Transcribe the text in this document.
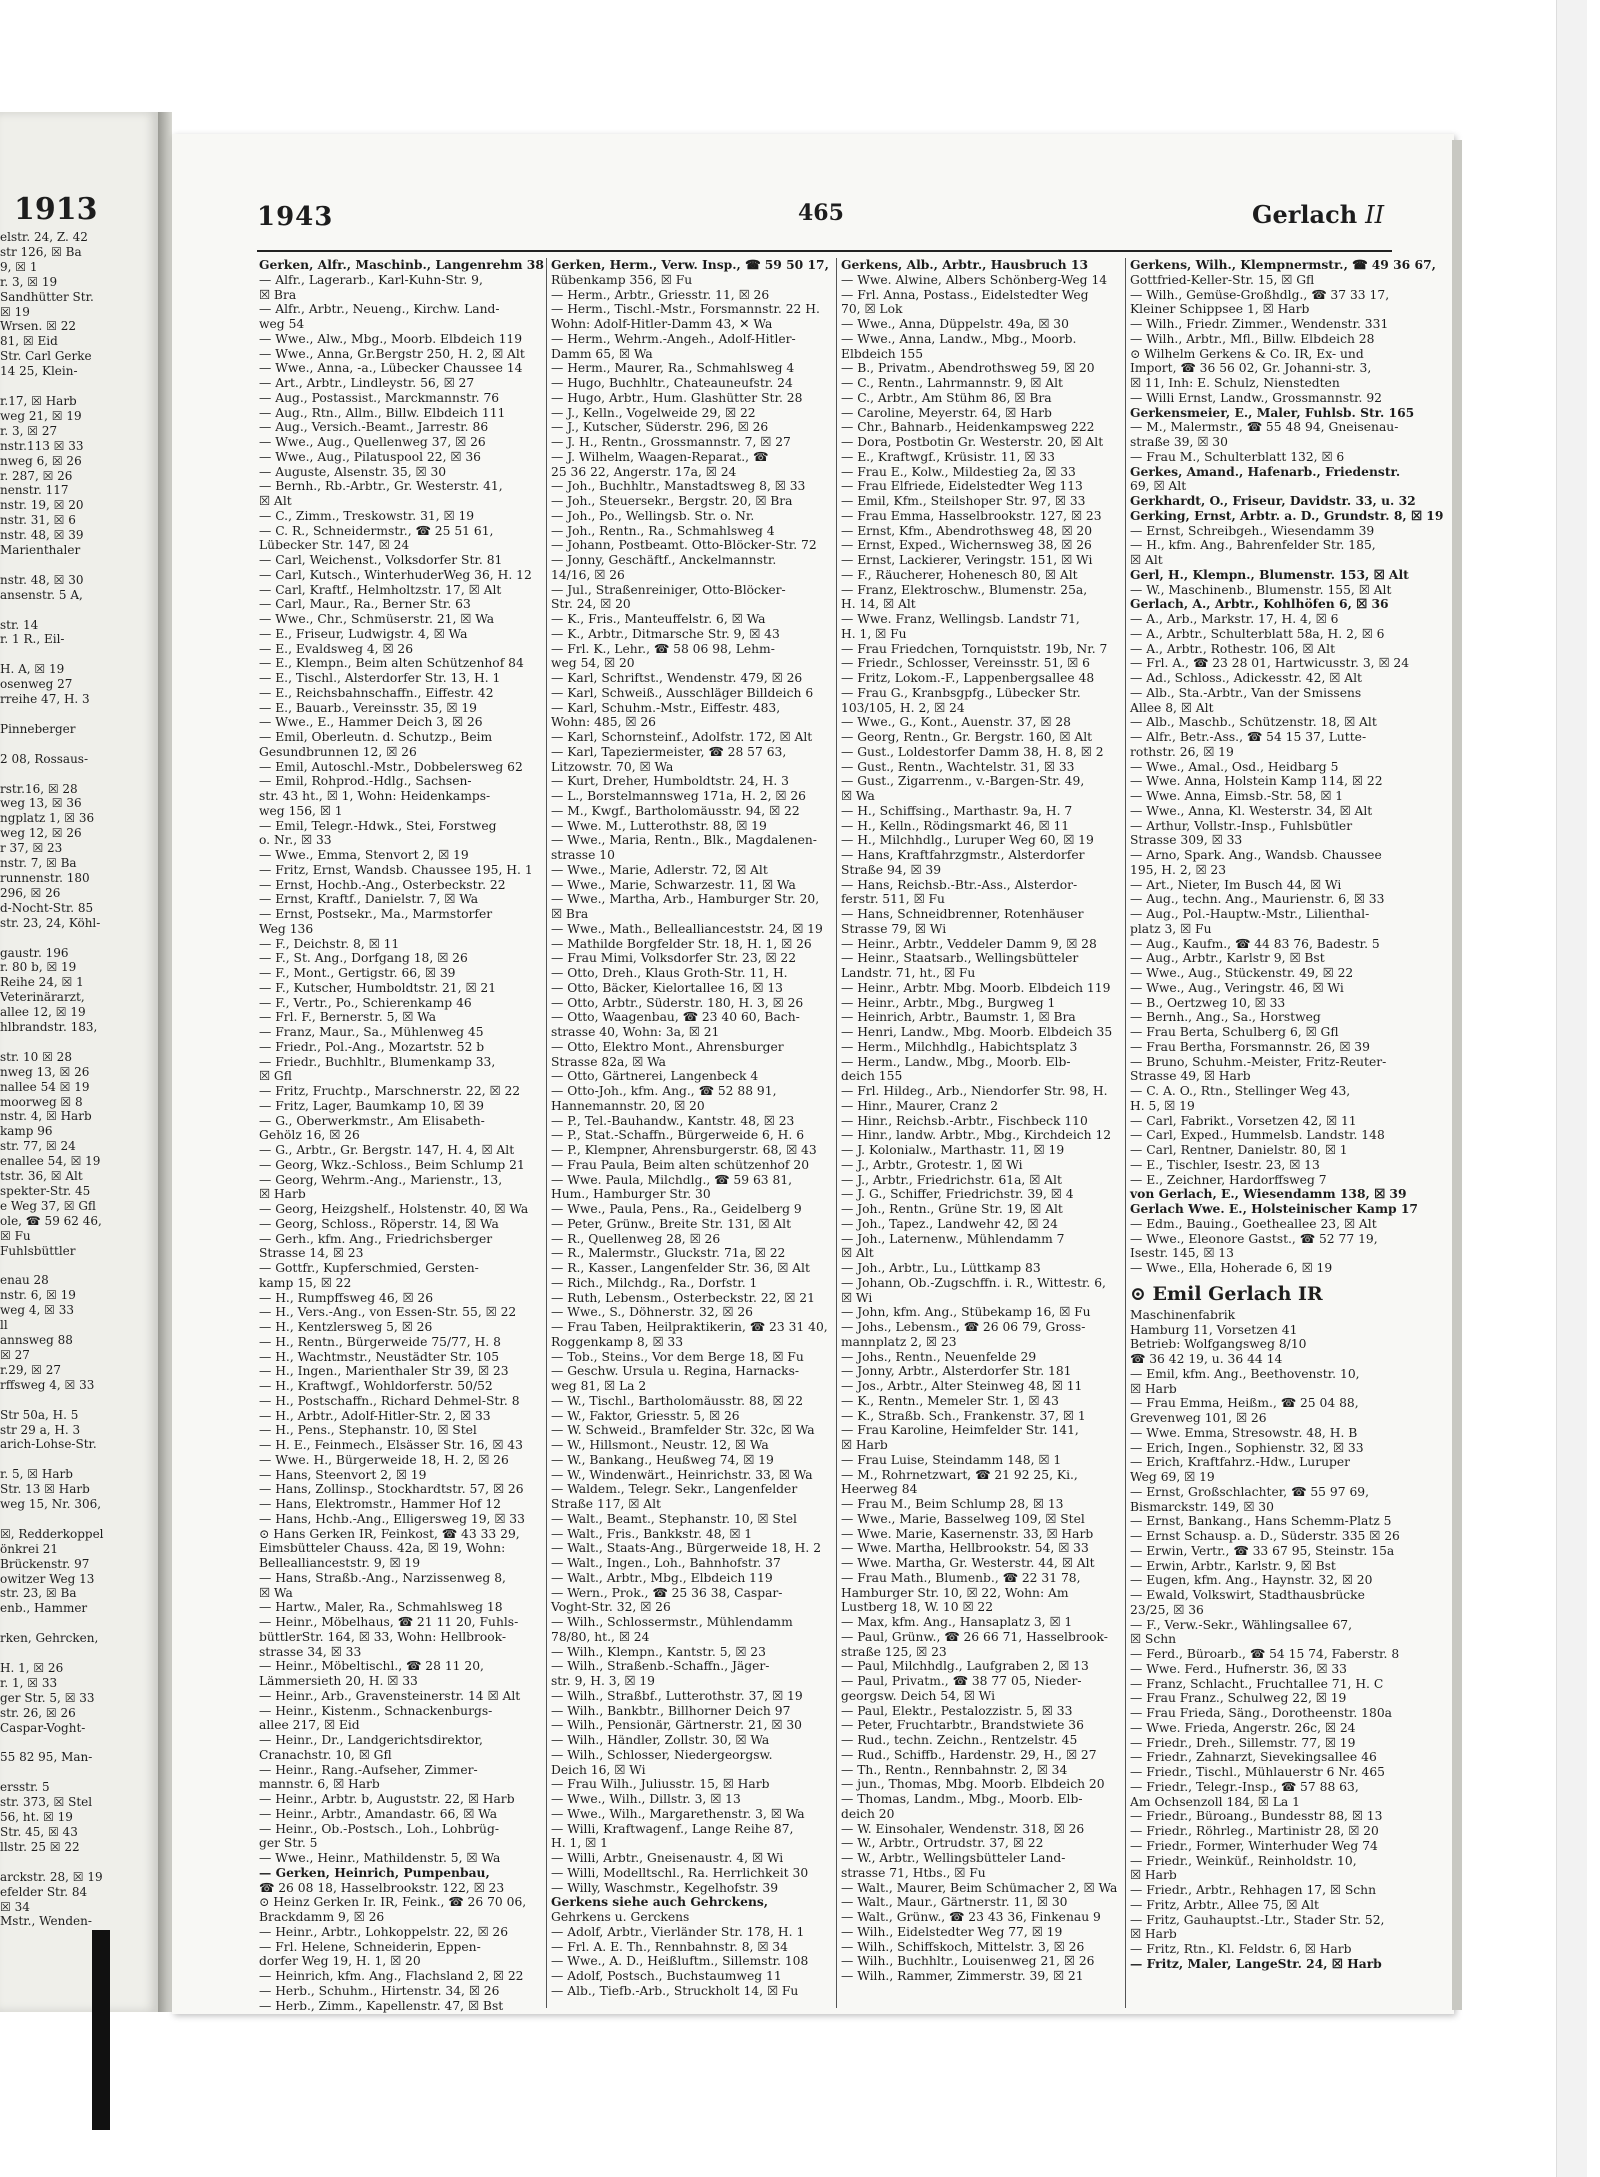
1913
elstr. 24, Z. 42
str 126, ☒ Ba
9, ☒ 1
r. 3, ☒ 19
Sandhütter Str.
☒ 19
Wrsen. ☒ 22
81, ☒ Eid
Str. Carl Gerke
14 25, Klein-

r.17, ☒ Harb
weg 21, ☒ 19
r. 3, ☒ 27
nstr.113 ☒ 33
nweg 6, ☒ 26
r. 287, ☒ 26
nenstr. 117
nstr. 19, ☒ 20
nstr. 31, ☒ 6
nstr. 48, ☒ 39
Marienthaler

nstr. 48, ☒ 30
ansenstr. 5 A,

str. 14
r. 1 R., Eil-

H. A, ☒ 19
osenweg 27
rreihe 47, H. 3

Pinneberger

2 08, Rossaus-

rstr.16, ☒ 28
weg 13, ☒ 36
ngplatz 1, ☒ 36
weg 12, ☒ 26
r 37, ☒ 23
nstr. 7, ☒ Ba
runnenstr. 180
296, ☒ 26
d-Nocht-Str. 85
str. 23, 24, Köhl-

gaustr. 196
r. 80 b, ☒ 19
Reihe 24, ☒ 1
Veterinärarzt,
allee 12, ☒ 19
hlbrandstr. 183,

str. 10 ☒ 28
nweg 13, ☒ 26
nallee 54 ☒ 19
moorweg ☒ 8
nstr. 4, ☒ Harb
kamp 96
str. 77, ☒ 24
enallee 54, ☒ 19
tstr. 36, ☒ Alt
spekter-Str. 45
e Weg 37, ☒ Gfl
ole, ☎ 59 62 46,
☒ Fu
Fuhlsbüttler

enau 28
nstr. 6, ☒ 19
weg 4, ☒ 33
ll
annsweg 88
☒ 27
r.29, ☒ 27
rffsweg 4, ☒ 33

Str 50a, H. 5
str 29 a, H. 3
arich-Lohse-Str.

r. 5, ☒ Harb
Str. 13 ☒ Harb
weg 15, Nr. 306,

☒, Redderkoppel
önkrei 21
Brückenstr. 97
owitzer Weg 13
str. 23, ☒ Ba
enb., Hammer

rken, Gehrcken,

H. 1, ☒ 26
r. 1, ☒ 33
ger Str. 5, ☒ 33
str. 26, ☒ 26
Caspar-Voght-

55 82 95, Man-

ersstr. 5
str. 373, ☒ Stel
56, ht. ☒ 19
Str. 45, ☒ 43
llstr. 25 ☒ 22

arckstr. 28, ☒ 19
efelder Str. 84
☒ 34
Mstr., Wenden-
1943	465	Gerlach II
Gerken, Alfr., Maschinb., Langenrehm 38
— Alfr., Lagerarb., Karl-Kuhn-Str. 9,
☒ Bra
— Alfr., Arbtr., Neueng., Kirchw. Land-
weg 54
— Wwe., Alw., Mbg., Moorb. Elbdeich 119
— Wwe., Anna, Gr.Bergstr 250, H. 2, ☒ Alt
— Wwe., Anna, -a., Lübecker Chaussee 14
— Art., Arbtr., Lindleystr. 56, ☒ 27
— Aug., Postassist., Marckmannstr. 76
— Aug., Rtn., Allm., Billw. Elbdeich 111
— Aug., Versich.-Beamt., Jarrestr. 86
— Wwe., Aug., Quellenweg 37, ☒ 26
— Wwe., Aug., Pilatuspool 22, ☒ 36
— Auguste, Alsenstr. 35, ☒ 30
— Bernh., Rb.-Arbtr., Gr. Westerstr. 41,
☒ Alt
— C., Zimm., Treskowstr. 31, ☒ 19
— C. R., Schneidermstr., ☎ 25 51 61,
Lübecker Str. 147, ☒ 24
— Carl, Weichenst., Volksdorfer Str. 81
— Carl, Kutsch., WinterhuderWeg 36, H. 12
— Carl, Kraftf., Helmholtzstr. 17, ☒ Alt
— Carl, Maur., Ra., Berner Str. 63
— Wwe., Chr., Schmüserstr. 21, ☒ Wa
— E., Friseur, Ludwigstr. 4, ☒ Wa
— E., Evaldsweg 4, ☒ 26
— E., Klempn., Beim alten Schützenhof 84
— E., Tischl., Alsterdorfer Str. 13, H. 1
— E., Reichsbahnschaffn., Eiffestr. 42
— E., Bauarb., Vereinsstr. 35, ☒ 19
— Wwe., E., Hammer Deich 3, ☒ 26
— Emil, Oberleutn. d. Schutzp., Beim
Gesundbrunnen 12, ☒ 26
— Emil, Autoschl.-Mstr., Dobbelersweg 62
— Emil, Rohprod.-Hdlg., Sachsen-
str. 43 ht., ☒ 1, Wohn: Heidenkamps-
weg 156, ☒ 1
— Emil, Telegr.-Hdwk., Stei, Forstweg
o. Nr., ☒ 33
— Wwe., Emma, Stenvort 2, ☒ 19
— Fritz, Ernst, Wandsb. Chaussee 195, H. 1
— Ernst, Hochb.-Ang., Osterbeckstr. 22
— Ernst, Kraftf., Danielstr. 7, ☒ Wa
— Ernst, Postsekr., Ma., Marmstorfer
Weg 136
— F., Deichstr. 8, ☒ 11
— F., St. Ang., Dorfgang 18, ☒ 26
— F., Mont., Gertigstr. 66, ☒ 39
— F., Kutscher, Humboldtstr. 21, ☒ 21
— F., Vertr., Po., Schierenkamp 46
— Frl. F., Bernerstr. 5, ☒ Wa
— Franz, Maur., Sa., Mühlenweg 45
— Friedr., Pol.-Ang., Mozartstr. 52 b
— Friedr., Buchhltr., Blumenkamp 33,
☒ Gfl
— Fritz, Fruchtp., Marschnerstr. 22, ☒ 22
— Fritz, Lager, Baumkamp 10, ☒ 39
— G., Oberwerkmstr., Am Elisabeth-
Gehölz 16, ☒ 26
— G., Arbtr., Gr. Bergstr. 147, H. 4, ☒ Alt
— Georg, Wkz.-Schloss., Beim Schlump 21
— Georg, Wehrm.-Ang., Marienstr., 13,
☒ Harb
— Georg, Heizgshelf., Holstenstr. 40, ☒ Wa
— Georg, Schloss., Röperstr. 14, ☒ Wa
— Gerh., kfm. Ang., Friedrichsberger
Strasse 14, ☒ 23
— Gottfr., Kupferschmied, Gersten-
kamp 15, ☒ 22
— H., Rumpffsweg 46, ☒ 26
— H., Vers.-Ang., von Essen-Str. 55, ☒ 22
— H., Kentzlersweg 5, ☒ 26
— H., Rentn., Bürgerweide 75/77, H. 8
— H., Wachtmstr., Neustädter Str. 105
— H., Ingen., Marienthaler Str 39, ☒ 23
— H., Kraftwgf., Wohldorferstr. 50/52
— H., Postschaffn., Richard Dehmel-Str. 8
— H., Arbtr., Adolf-Hitler-Str. 2, ☒ 33
— H., Pens., Stephanstr. 10, ☒ Stel
— H. E., Feinmech., Elsässer Str. 16, ☒ 43
— Wwe. H., Bürgerweide 18, H. 2, ☒ 26
— Hans, Steenvort 2, ☒ 19
— Hans, Zollinsp., Stockhardtstr. 57, ☒ 26
— Hans, Elektromstr., Hammer Hof 12
— Hans, Hchb.-Ang., Elligersweg 19, ☒ 33
⊙ Hans Gerken IR, Feinkost, ☎ 43 33 29,
Eimsbütteler Chauss. 42a, ☒ 19, Wohn:
Belleallianceststr. 9, ☒ 19
— Hans, Straßb.-Ang., Narzissenweg 8,
☒ Wa
— Hartw., Maler, Ra., Schmahlsweg 18
— Heinr., Möbelhaus, ☎ 21 11 20, Fuhls-
büttlerStr. 164, ☒ 33, Wohn: Hellbrook-
strasse 34, ☒ 33
— Heinr., Möbeltischl., ☎ 28 11 20,
Lämmersieth 20, H. ☒ 33
— Heinr., Arb., Gravensteinerstr. 14 ☒ Alt
— Heinr., Kistenm., Schnackenburgs-
allee 217, ☒ Eid
— Heinr., Dr., Landgerichtsdirektor,
Cranachstr. 10, ☒ Gfl
— Heinr., Rang.-Aufseher, Zimmer-
mannstr. 6, ☒ Harb
— Heinr., Arbtr. b, Auguststr. 22, ☒ Harb
— Heinr., Arbtr., Amandastr. 66, ☒ Wa
— Heinr., Ob.-Postsch., Loh., Lohbrüg-
ger Str. 5
— Wwe., Heinr., Mathildenstr. 5, ☒ Wa
— Gerken, Heinrich, Pumpenbau,
☎ 26 08 18, Hasselbrookstr. 122, ☒ 23
⊙ Heinz Gerken Ir. IR, Feink., ☎ 26 70 06,
Brackdamm 9, ☒ 26
— Heinr., Arbtr., Lohkoppelstr. 22, ☒ 26
— Frl. Helene, Schneiderin, Eppen-
dorfer Weg 19, H. 1, ☒ 20
— Heinrich, kfm. Ang., Flachsland 2, ☒ 22
— Herb., Schuhm., Hirtenstr. 34, ☒ 26
— Herb., Zimm., Kapellenstr. 47, ☒ Bst
Gerken, Herm., Verw. Insp., ☎ 59 50 17,
Rübenkamp 356, ☒ Fu
— Herm., Arbtr., Griesstr. 11, ☒ 26
— Herm., Tischl.-Mstr., Forsmannstr. 22 H.
Wohn: Adolf-Hitler-Damm 43, ✕ Wa
— Herm., Wehrm.-Angeh., Adolf-Hitler-
Damm 65, ☒ Wa
— Herm., Maurer, Ra., Schmahlsweg 4
— Hugo, Buchhltr., Chateauneufstr. 24
— Hugo, Arbtr., Hum. Glashütter Str. 28
— J., Kelln., Vogelweide 29, ☒ 22
— J., Kutscher, Süderstr. 296, ☒ 26
— J. H., Rentn., Grossmannstr. 7, ☒ 27
— J. Wilhelm, Waagen-Reparat., ☎
25 36 22, Angerstr. 17a, ☒ 24
— Joh., Buchhltr., Manstadtsweg 8, ☒ 33
— Joh., Steuersekr., Bergstr. 20, ☒ Bra
— Joh., Po., Wellingsb. Str. o. Nr.
— Joh., Rentn., Ra., Schmahlsweg 4
— Johann, Postbeamt. Otto-Blöcker-Str. 72
— Jonny, Geschäftf., Anckelmannstr.
14/16, ☒ 26
— Jul., Straßenreiniger, Otto-Blöcker-
Str. 24, ☒ 20
— K., Fris., Manteuffelstr. 6, ☒ Wa
— K., Arbtr., Ditmarsche Str. 9, ☒ 43
— Frl. K., Lehr., ☎ 58 06 98, Lehm-
weg 54, ☒ 20
— Karl, Schriftst., Wendenstr. 479, ☒ 26
— Karl, Schweiß., Ausschläger Billdeich 6
— Karl, Schuhm.-Mstr., Eiffestr. 483,
Wohn: 485, ☒ 26
— Karl, Schornsteinf., Adolfstr. 172, ☒ Alt
— Karl, Tapeziermeister, ☎ 28 57 63,
Litzowstr. 70, ☒ Wa
— Kurt, Dreher, Humboldtstr. 24, H. 3
— L., Borstelmannsweg 171a, H. 2, ☒ 26
— M., Kwgf., Bartholomäusstr. 94, ☒ 22
— Wwe. M., Lutterothstr. 88, ☒ 19
— Wwe., Maria, Rentn., Blk., Magdalenen-
strasse 10
— Wwe., Marie, Adlerstr. 72, ☒ Alt
— Wwe., Marie, Schwarzestr. 11, ☒ Wa
— Wwe., Martha, Arb., Hamburger Str. 20,
☒ Bra
— Wwe., Math., Belleallianceststr. 24, ☒ 19
— Mathilde Borgfelder Str. 18, H. 1, ☒ 26
— Frau Mimi, Volksdorfer Str. 23, ☒ 22
— Otto, Dreh., Klaus Groth-Str. 11, H.
— Otto, Bäcker, Kielortallee 16, ☒ 13
— Otto, Arbtr., Süderstr. 180, H. 3, ☒ 26
— Otto, Waagenbau, ☎ 23 40 60, Bach-
strasse 40, Wohn: 3a, ☒ 21
— Otto, Elektro Mont., Ahrensburger
Strasse 82a, ☒ Wa
— Otto, Gärtnerei, Langenbeck 4
— Otto-Joh., kfm. Ang., ☎ 52 88 91,
Hannemannstr. 20, ☒ 20
— P., Tel.-Bauhandw., Kantstr. 48, ☒ 23
— P., Stat.-Schaffn., Bürgerweide 6, H. 6
— P., Klempner, Ahrensburgerstr. 68, ☒ 43
— Frau Paula, Beim alten schützenhof 20
— Wwe. Paula, Milchdlg., ☎ 59 63 81,
Hum., Hamburger Str. 30
— Wwe., Paula, Pens., Ra., Geidelberg 9
— Peter, Grünw., Breite Str. 131, ☒ Alt
— R., Quellenweg 28, ☒ 26
— R., Malermstr., Gluckstr. 71a, ☒ 22
— R., Kasser., Langenfelder Str. 36, ☒ Alt
— Rich., Milchdg., Ra., Dorfstr. 1
— Ruth, Lebensm., Osterbeckstr. 22, ☒ 21
— Wwe., S., Döhnerstr. 32, ☒ 26
— Frau Taben, Heilpraktikerin, ☎ 23 31 40,
Roggenkamp 8, ☒ 33
— Tob., Steins., Vor dem Berge 18, ☒ Fu
— Geschw. Ursula u. Regina, Harnacks-
weg 81, ☒ La 2
— W., Tischl., Bartholomäusstr. 88, ☒ 22
— W., Faktor, Griesstr. 5, ☒ 26
— W. Schweid., Bramfelder Str. 32c, ☒ Wa
— W., Hillsmont., Neustr. 12, ☒ Wa
— W., Bankang., Heußweg 74, ☒ 19
— W., Windenwärt., Heinrichstr. 33, ☒ Wa
— Waldem., Telegr. Sekr., Langenfelder
Straße 117, ☒ Alt
— Walt., Beamt., Stephanstr. 10, ☒ Stel
— Walt., Fris., Bankkstr. 48, ☒ 1
— Walt., Staats-Ang., Bürgerweide 18, H. 2
— Walt., Ingen., Loh., Bahnhofstr. 37
— Walt., Arbtr., Mbg., Elbdeich 119
— Wern., Prok., ☎ 25 36 38, Caspar-
Voght-Str. 32, ☒ 26
— Wilh., Schlossermstr., Mühlendamm
78/80, ht., ☒ 24
— Wilh., Klempn., Kantstr. 5, ☒ 23
— Wilh., Straßenb.-Schaffn., Jäger-
str. 9, H. 3, ☒ 19
— Wilh., Straßbf., Lutterothstr. 37, ☒ 19
— Wilh., Bankbtr., Billhorner Deich 97
— Wilh., Pensionär, Gärtnerstr. 21, ☒ 30
— Wilh., Händler, Zollstr. 30, ☒ Wa
— Wilh., Schlosser, Niedergeorgsw.
Deich 16, ☒ Wi
— Frau Wilh., Juliusstr. 15, ☒ Harb
— Wwe., Wilh., Dillstr. 3, ☒ 13
— Wwe., Wilh., Margarethenstr. 3, ☒ Wa
— Willi, Kraftwagenf., Lange Reihe 87,
H. 1, ☒ 1
— Willi, Arbtr., Gneisenaustr. 4, ☒ Wi
— Willi, Modelltschl., Ra. Herrlichkeit 30
— Willy, Waschmstr., Kegelhofstr. 39
Gerkens siehe auch Gehrckens,
Gehrkens u. Gerckens
— Adolf, Arbtr., Vierländer Str. 178, H. 1
— Frl. A. E. Th., Rennbahnstr. 8, ☒ 34
— Wwe., A. D., Heißluftm., Sillemstr. 108
— Adolf, Postsch., Buchstaumweg 11
— Alb., Tiefb.-Arb., Struckholt 14, ☒ Fu
Gerkens, Alb., Arbtr., Hausbruch 13
— Wwe. Alwine, Albers Schönberg-Weg 14
— Frl. Anna, Postass., Eidelstedter Weg
70, ☒ Lok
— Wwe., Anna, Düppelstr. 49a, ☒ 30
— Wwe., Anna, Landw., Mbg., Moorb.
Elbdeich 155
— B., Privatm., Abendrothsweg 59, ☒ 20
— C., Rentn., Lahrmannstr. 9, ☒ Alt
— C., Arbtr., Am Stühm 86, ☒ Bra
— Caroline, Meyerstr. 64, ☒ Harb
— Chr., Bahnarb., Heidenkampsweg 222
— Dora, Postbotin Gr. Westerstr. 20, ☒ Alt
— E., Kraftwgf., Krüsistr. 11, ☒ 33
— Frau E., Kolw., Mildestieg 2a, ☒ 33
— Frau Elfriede, Eidelstedter Weg 113
— Emil, Kfm., Steilshoper Str. 97, ☒ 33
— Frau Emma, Hasselbrookstr. 127, ☒ 23
— Ernst, Kfm., Abendrothsweg 48, ☒ 20
— Ernst, Exped., Wichernsweg 38, ☒ 26
— Ernst, Lackierer, Veringstr. 151, ☒ Wi
— F., Räucherer, Hohenesch 80, ☒ Alt
— Franz, Elektroschw., Blumenstr. 25a,
H. 14, ☒ Alt
— Wwe. Franz, Wellingsb. Landstr 71,
H. 1, ☒ Fu
— Frau Friedchen, Tornquiststr. 19b, Nr. 7
— Friedr., Schlosser, Vereinsstr. 51, ☒ 6
— Fritz, Lokom.-F., Lappenbergsallee 48
— Frau G., Kranbsgpfg., Lübecker Str.
103/105, H. 2, ☒ 24
— Wwe., G., Kont., Auenstr. 37, ☒ 28
— Georg, Rentn., Gr. Bergstr. 160, ☒ Alt
— Gust., Loldestorfer Damm 38, H. 8, ☒ 2
— Gust., Rentn., Wachtelstr. 31, ☒ 33
— Gust., Zigarrenm., v.-Bargen-Str. 49,
☒ Wa
— H., Schiffsing., Marthastr. 9a, H. 7
— H., Kelln., Rödingsmarkt 46, ☒ 11
— H., Milchhdlg., Luruper Weg 60, ☒ 19
— Hans, Kraftfahrzgmstr., Alsterdorfer
Straße 94, ☒ 39
— Hans, Reichsb.-Btr.-Ass., Alsterdor-
ferstr. 511, ☒ Fu
— Hans, Schneidbrenner, Rotenhäuser
Strasse 79, ☒ Wi
— Heinr., Arbtr., Veddeler Damm 9, ☒ 28
— Heinr., Staatsarb., Wellingsbütteler
Landstr. 71, ht., ☒ Fu
— Heinr., Arbtr. Mbg. Moorb. Elbdeich 119
— Heinr., Arbtr., Mbg., Burgweg 1
— Heinrich, Arbtr., Baumstr. 1, ☒ Bra
— Henri, Landw., Mbg. Moorb. Elbdeich 35
— Herm., Milchhdlg., Habichtsplatz 3
— Herm., Landw., Mbg., Moorb. Elb-
deich 155
— Frl. Hildeg., Arb., Niendorfer Str. 98, H.
— Hinr., Maurer, Cranz 2
— Hinr., Reichsb.-Arbtr., Fischbeck 110
— Hinr., landw. Arbtr., Mbg., Kirchdeich 12
— J. Kolonialw., Marthastr. 11, ☒ 19
— J., Arbtr., Grotestr. 1, ☒ Wi
— J., Arbtr., Friedrichstr. 61a, ☒ Alt
— J. G., Schiffer, Friedrichstr. 39, ☒ 4
— Joh., Rentn., Grüne Str. 19, ☒ Alt
— Joh., Tapez., Landwehr 42, ☒ 24
— Joh., Laternenw., Mühlendamm 7
☒ Alt
— Joh., Arbtr., Lu., Lüttkamp 83
— Johann, Ob.-Zugschffn. i. R., Wittestr. 6,
☒ Wi
— John, kfm. Ang., Stübekamp 16, ☒ Fu
— Johs., Lebensm., ☎ 26 06 79, Gross-
mannplatz 2, ☒ 23
— Johs., Rentn., Neuenfelde 29
— Jonny, Arbtr., Alsterdorfer Str. 181
— Jos., Arbtr., Alter Steinweg 48, ☒ 11
— K., Rentn., Memeler Str. 1, ☒ 43
— K., Straßb. Sch., Frankenstr. 37, ☒ 1
— Frau Karoline, Heimfelder Str. 141,
☒ Harb
— Frau Luise, Steindamm 148, ☒ 1
— M., Rohrnetzwart, ☎ 21 92 25, Ki.,
Heerweg 84
— Frau M., Beim Schlump 28, ☒ 13
— Wwe., Marie, Basselweg 109, ☒ Stel
— Wwe. Marie, Kasernenstr. 33, ☒ Harb
— Wwe. Martha, Hellbrookstr. 54, ☒ 33
— Wwe. Martha, Gr. Westerstr. 44, ☒ Alt
— Frau Math., Blumenb., ☎ 22 31 78,
Hamburger Str. 10, ☒ 22, Wohn: Am
Lustberg 18, W. 10 ☒ 22
— Max, kfm. Ang., Hansaplatz 3, ☒ 1
— Paul, Grünw., ☎ 26 66 71, Hasselbrook-
straße 125, ☒ 23
— Paul, Milchhdlg., Laufgraben 2, ☒ 13
— Paul, Privatm., ☎ 38 77 05, Nieder-
georgsw. Deich 54, ☒ Wi
— Paul, Elektr., Pestalozzistr. 5, ☒ 33
— Peter, Fruchtarbtr., Brandstwiete 36
— Rud., techn. Zeichn., Rentzelstr. 45
— Rud., Schiffb., Hardenstr. 29, H., ☒ 27
— Th., Rentn., Rennbahnstr. 2, ☒ 34
— jun., Thomas, Mbg. Moorb. Elbdeich 20
— Thomas, Landm., Mbg., Moorb. Elb-
deich 20
— W. Einsohaler, Wendenstr. 318, ☒ 26
— W., Arbtr., Ortrudstr. 37, ☒ 22
— W., Arbtr., Wellingsbütteler Land-
strasse 71, Htbs., ☒ Fu
— Walt., Maurer, Beim Schümacher 2, ☒ Wa
— Walt., Maur., Gärtnerstr. 11, ☒ 30
— Walt., Grünw., ☎ 23 43 36, Finkenau 9
— Wilh., Eidelstedter Weg 77, ☒ 19
— Wilh., Schiffskoch, Mittelstr. 3, ☒ 26
— Wilh., Buchhltr., Louisenweg 21, ☒ 26
— Wilh., Rammer, Zimmerstr. 39, ☒ 21
Gerkens, Wilh., Klempnermstr., ☎ 49 36 67,
Gottfried-Keller-Str. 15, ☒ Gfl
— Wilh., Gemüse-Großhdlg., ☎ 37 33 17,
Kleiner Schippsee 1, ☒ Harb
— Wilh., Friedr. Zimmer., Wendenstr. 331
— Wilh., Arbtr., Mfl., Billw. Elbdeich 28
⊙ Wilhelm Gerkens & Co. IR, Ex- und
Import, ☎ 36 56 02, Gr. Johanni-str. 3,
☒ 11, Inh: E. Schulz, Nienstedten
— Willi Ernst, Landw., Grossmannstr. 92
Gerkensmeier, E., Maler, Fuhlsb. Str. 165
— M., Malermstr., ☎ 55 48 94, Gneisenau-
straße 39, ☒ 30
— Frau M., Schulterblatt 132, ☒ 6
Gerkes, Amand., Hafenarb., Friedenstr.
69, ☒ Alt
Gerkhardt, O., Friseur, Davidstr. 33, u. 32
Gerking, Ernst, Arbtr. a. D., Grundstr. 8, ☒ 19
— Ernst, Schreibgeh., Wiesendamm 39
— H., kfm. Ang., Bahrenfelder Str. 185,
☒ Alt
Gerl, H., Klempn., Blumenstr. 153, ☒ Alt
— W., Maschinenb., Blumenstr. 155, ☒ Alt
Gerlach, A., Arbtr., Kohlhöfen 6, ☒ 36
— A., Arb., Markstr. 17, H. 4, ☒ 6
— A., Arbtr., Schulterblatt 58a, H. 2, ☒ 6
— A., Arbtr., Rothestr. 106, ☒ Alt
— Frl. A., ☎ 23 28 01, Hartwicusstr. 3, ☒ 24
— Ad., Schloss., Adickesstr. 42, ☒ Alt
— Alb., Sta.-Arbtr., Van der Smissens
Allee 8, ☒ Alt
— Alb., Maschb., Schützenstr. 18, ☒ Alt
— Alfr., Betr.-Ass., ☎ 54 15 37, Lutte-
rothstr. 26, ☒ 19
— Wwe., Amal., Osd., Heidbarg 5
— Wwe. Anna, Holstein Kamp 114, ☒ 22
— Wwe. Anna, Eimsb.-Str. 58, ☒ 1
— Wwe., Anna, Kl. Westerstr. 34, ☒ Alt
— Arthur, Vollstr.-Insp., Fuhlsbütler
Strasse 309, ☒ 33
— Arno, Spark. Ang., Wandsb. Chaussee
195, H. 2, ☒ 23
— Art., Nieter, Im Busch 44, ☒ Wi
— Aug., techn. Ang., Maurienstr. 6, ☒ 33
— Aug., Pol.-Hauptw.-Mstr., Lilienthal-
platz 3, ☒ Fu
— Aug., Kaufm., ☎ 44 83 76, Badestr. 5
— Aug., Arbtr., Karlstr 9, ☒ Bst
— Wwe., Aug., Stückenstr. 49, ☒ 22
— Wwe., Aug., Veringstr. 46, ☒ Wi
— B., Oertzweg 10, ☒ 33
— Bernh., Ang., Sa., Horstweg
— Frau Berta, Schulberg 6, ☒ Gfl
— Frau Bertha, Forsmannstr. 26, ☒ 39
— Bruno, Schuhm.-Meister, Fritz-Reuter-
Strasse 49, ☒ Harb
— C. A. O., Rtn., Stellinger Weg 43,
H. 5, ☒ 19
— Carl, Fabrikt., Vorsetzen 42, ☒ 11
— Carl, Exped., Hummelsb. Landstr. 148
— Carl, Rentner, Danielstr. 80, ☒ 1
— E., Tischler, Isestr. 23, ☒ 13
— E., Zeichner, Hardorffsweg 7
von Gerlach, E., Wiesendamm 138, ☒ 39
Gerlach Wwe. E., Holsteinischer Kamp 17
— Edm., Bauing., Goetheallee 23, ☒ Alt
— Wwe., Eleonore Gastst., ☎ 52 77 19,
Isestr. 145, ☒ 13
— Wwe., Ella, Hoherade 6, ☒ 19
⊙ Emil Gerlach IR
Maschinenfabrik
Hamburg 11, Vorsetzen 41
Betrieb: Wolfgangsweg 8/10
☎ 36 42 19, u. 36 44 14
— Emil, kfm. Ang., Beethovenstr. 10,
☒ Harb
— Frau Emma, Heißm., ☎ 25 04 88,
Grevenweg 101, ☒ 26
— Wwe. Emma, Stresowstr. 48, H. B
— Erich, Ingen., Sophienstr. 32, ☒ 33
— Erich, Kraftfahrz.-Hdw., Luruper
Weg 69, ☒ 19
— Ernst, Großschlachter, ☎ 55 97 69,
Bismarckstr. 149, ☒ 30
— Ernst, Bankang., Hans Schemm-Platz 5
— Ernst Schausp. a. D., Süderstr. 335 ☒ 26
— Erwin, Vertr., ☎ 33 67 95, Steinstr. 15a
— Erwin, Arbtr., Karlstr. 9, ☒ Bst
— Eugen, kfm. Ang., Haynstr. 32, ☒ 20
— Ewald, Volkswirt, Stadthausbrücke
23/25, ☒ 36
— F., Verw.-Sekr., Wählingsallee 67,
☒ Schn
— Ferd., Büroarb., ☎ 54 15 74, Faberstr. 8
— Wwe. Ferd., Hufnerstr. 36, ☒ 33
— Franz, Schlacht., Fruchtallee 71, H. C
— Frau Franz., Schulweg 22, ☒ 19
— Frau Frieda, Säng., Dorotheenstr. 180a
— Wwe. Frieda, Angerstr. 26c, ☒ 24
— Friedr., Dreh., Sillemstr. 77, ☒ 19
— Friedr., Zahnarzt, Sievekingsallee 46
— Friedr., Tischl., Mühlauerstr 6 Nr. 465
— Friedr., Telegr.-Insp., ☎ 57 88 63,
Am Ochsenzoll 184, ☒ La 1
— Friedr., Büroang., Bundesstr 88, ☒ 13
— Friedr., Röhrleg., Martinistr 28, ☒ 20
— Friedr., Former, Winterhuder Weg 74
— Friedr., Weinküf., Reinholdstr. 10,
☒ Harb
— Friedr., Arbtr., Rehhagen 17, ☒ Schn
— Fritz, Arbtr., Allee 75, ☒ Alt
— Fritz, Gauhauptst.-Ltr., Stader Str. 52,
☒ Harb
— Fritz, Rtn., Kl. Feldstr. 6, ☒ Harb
— Fritz, Maler, LangeStr. 24, ☒ Harb
